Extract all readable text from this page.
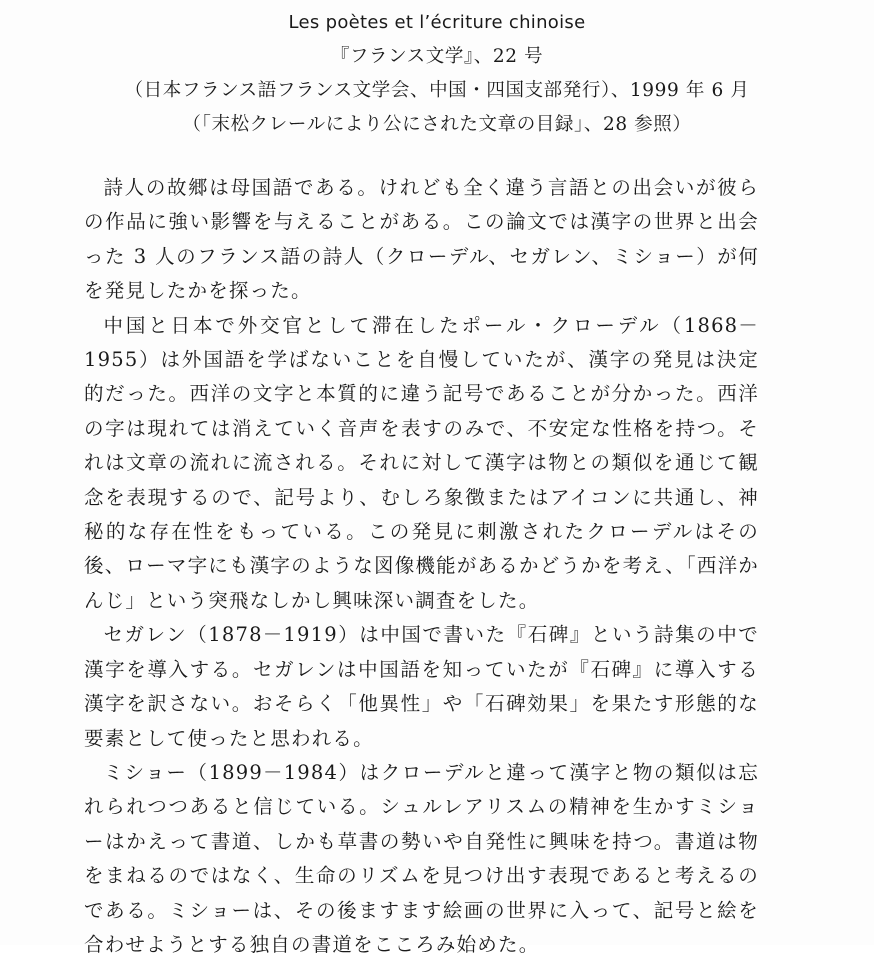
Les poètes et l’écriture chinoise
『フランス文学』、22 号
（日本フランス語フランス文学会、中国・四国支部発行）、1999 年 6 月
（「末松クレールにより公にされた文章の目録」、28 参照）

詩人の故郷は母国語である。けれども全く違う言語との出会いが彼らの作品に強い影響を与えることがある。この論文では漢字の世界と出会った 3 人のフランス語の詩人（クローデル、セガレン、ミショー）が何を発見したかを探った。

中国と日本で外交官として滞在したポール・クローデル（1868－1955）は外国語を学ばないことを自慢していたが、漢字の発見は決定的だった。西洋の文字と本質的に違う記号であることが分かった。西洋の字は現れては消えていく音声を表すのみで、不安定な性格を持つ。それは文章の流れに流される。それに対して漢字は物との類似を通じて観念を表現するので、記号より、むしろ象徴またはアイコンに共通し、神秘的な存在性をもっている。この発見に刺激されたクローデルはその後、ローマ字にも漢字のような図像機能があるかどうかを考え、「西洋かんじ」という突飛なしかし興味深い調査をした。

セガレン（1878－1919）は中国で書いた『石碑』という詩集の中で漢字を導入する。セガレンは中国語を知っていたが『石碑』に導入する漢字を訳さない。おそらく「他異性」や「石碑効果」を果たす形態的な要素として使ったと思われる。

ミショー（1899－1984）はクローデルと違って漢字と物の類似は忘れられつつあると信じている。シュルレアリスムの精神を生かすミショーはかえって書道、しかも草書の勢いや自発性に興味を持つ。書道は物をまねるのではなく、生命のリズムを見つけ出す表現であると考えるのである。ミショーは、その後ますます絵画の世界に入って、記号と絵を合わせようとする独自の書道をこころみ始めた。
